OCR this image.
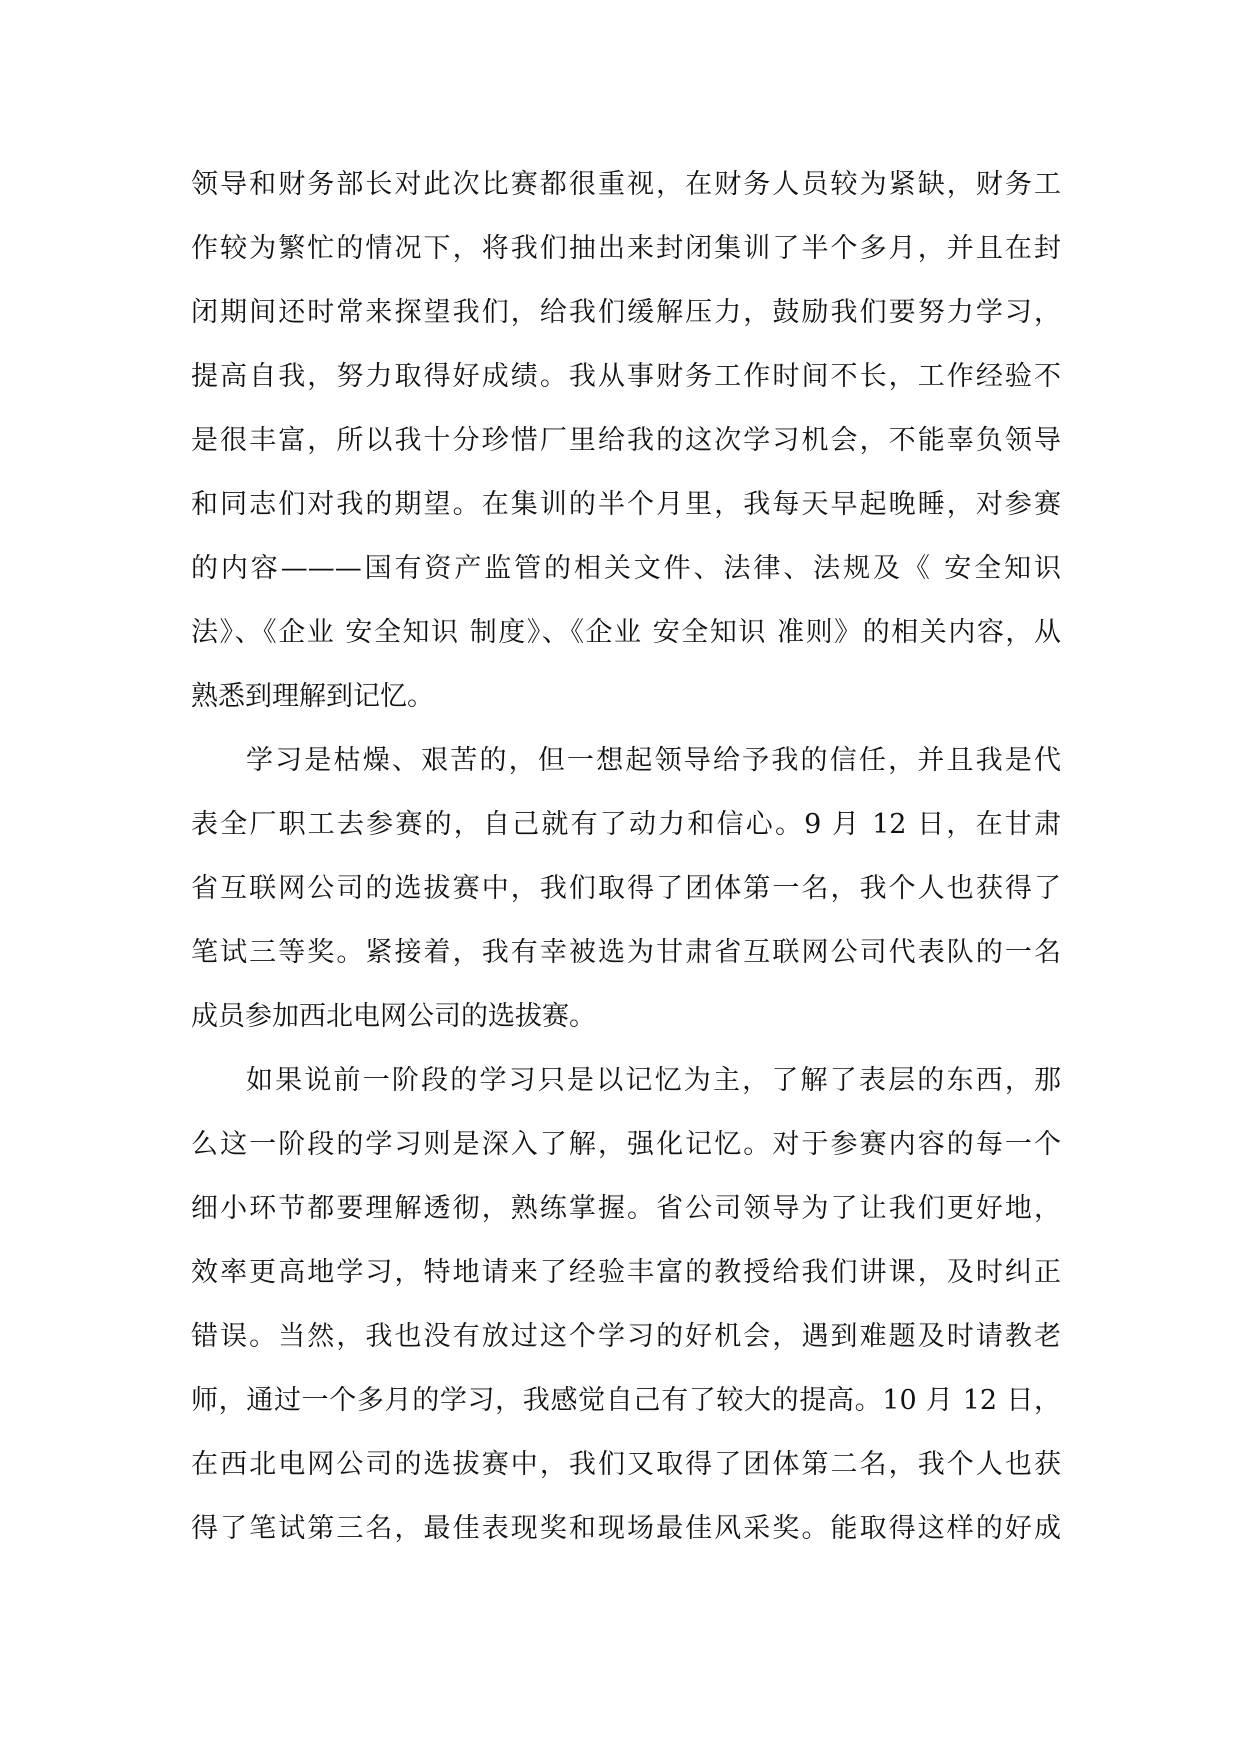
领导和财务部长对此次比赛都很重视，在财务人员较为紧缺，财务工
作较为繁忙的情况下，将我们抽出来封闭集训了半个多月，并且在封
闭期间还时常来探望我们，给我们缓解压力，鼓励我们要努力学习，
提高自我，努力取得好成绩。我从事财务工作时间不长，工作经验不
是很丰富，所以我十分珍惜厂里给我的这次学习机会，不能辜负领导
和同志们对我的期望。在集训的半个月里，我每天早起晚睡，对参赛
的内容———国有资产监管的相关文件、法律、法规及《 安全知识
法》、《企业 安全知识 制度》、《企业 安全知识 准则》的相关内容，从
熟悉到理解到记忆。
学习是枯燥、艰苦的，但一想起领导给予我的信任，并且我是代
表全厂职工去参赛的，自己就有了动力和信心。9 月 12 日，在甘肃
省互联网公司的选拔赛中，我们取得了团体第一名，我个人也获得了
笔试三等奖。紧接着，我有幸被选为甘肃省互联网公司代表队的一名
成员参加西北电网公司的选拔赛。
如果说前一阶段的学习只是以记忆为主，了解了表层的东西，那
么这一阶段的学习则是深入了解，强化记忆。对于参赛内容的每一个
细小环节都要理解透彻，熟练掌握。省公司领导为了让我们更好地，
效率更高地学习，特地请来了经验丰富的教授给我们讲课，及时纠正
错误。当然，我也没有放过这个学习的好机会，遇到难题及时请教老
师，通过一个多月的学习，我感觉自己有了较大的提高。10 月 12 日，
在西北电网公司的选拔赛中，我们又取得了团体第二名，我个人也获
得了笔试第三名，最佳表现奖和现场最佳风采奖。能取得这样的好成
